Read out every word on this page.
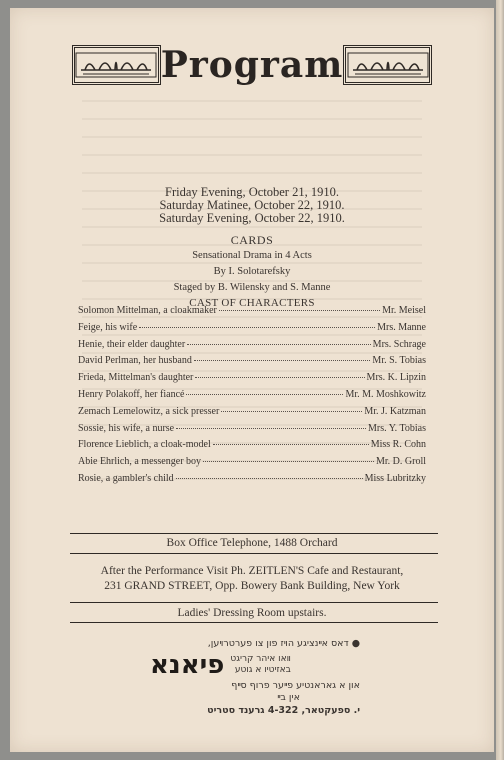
Program
Friday Evening, October 21, 1910.
Saturday Matinee, October 22, 1910.
Saturday Evening, October 22, 1910.
CARDS
Sensational Drama in 4 Acts
By I. Solotarefsky
Staged by B. Wilensky and S. Manne
CAST OF CHARACTERS
Solomon Mittelman, a cloakmaker	Mr. Meisel
Feige, his wife	Mrs. Manne
Henie, their elder daughter	Mrs. Schrage
David Perlman, her husband	Mr. S. Tobias
Frieda, Mittelman's daughter	Mrs. K. Lipzin
Henry Polakoff, her fiancé	Mr. M. Moshkowitz
Zemach Lemelowitz, a sick presser	Mr. J. Katzman
Sossie, his wife, a nurse	Mrs. Y. Tobias
Florence Lieblich, a cloak-model	Miss R. Cohn
Abie Ehrlich, a messenger boy	Mr. D. Groll
Rosie, a gambler's child	Miss Lubritzky
Box Office Telephone, 1488 Orchard
After the Performance Visit Ph. ZEITLEN'S Cafe and Restaurant,
231 GRAND STREET, Opp. Bowery Bank Building, New York
Ladies' Dressing Room upstairs.
● דאס אײנציגע הױז פון צו פערטרױען,
װאו איהר קריגט
באזיטיו א גוטע
פיאנא
און א גאראנטיע פײער פרוף סײף
אין בײ
י. ספעקטאר, 4-322 גרענד סטריט
